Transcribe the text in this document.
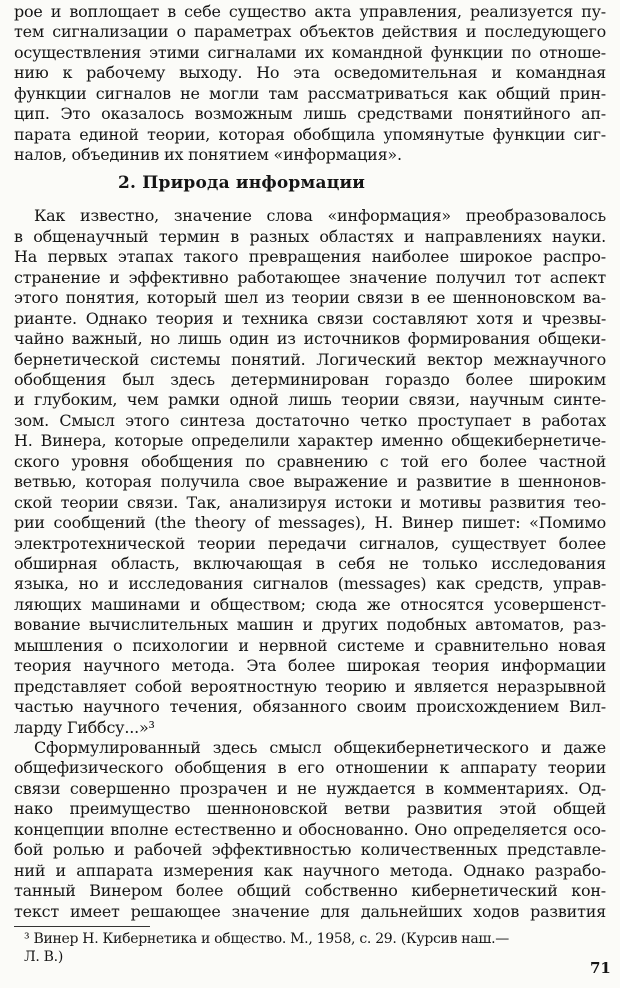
2. Природа информации
³ Винер Н. Кибернетика и общество. М., 1958, с. 29. (Курсив наш.—
Л. В.)
71
рое и воплощает в себе существо акта управления, реализуется пу-
тем сигнализации о параметрах объектов действия и последующего
осуществления этими сигналами их командной функции по отноше-
нию к рабочему выходу. Но эта осведомительная и командная
функции сигналов не могли там рассматриваться как общий прин-
цип. Это оказалось возможным лишь средствами понятийного ап-
парата единой теории, которая обобщила упомянутые функции сиг-
налов, объединив их понятием «информация».
Как известно, значение слова «информация» преобразовалось
в общенаучный термин в разных областях и направлениях науки.
На первых этапах такого превращения наиболее широкое распро-
странение и эффективно работающее значение получил тот аспект
этого понятия, который шел из теории связи в ее шенноновском ва-
рианте. Однако теория и техника связи составляют хотя и чрезвы-
чайно важный, но лишь один из источников формирования общеки-
бернетической системы понятий. Логический вектор межнаучного
обобщения был здесь детерминирован гораздо более широким
и глубоким, чем рамки одной лишь теории связи, научным синте-
зом. Смысл этого синтеза достаточно четко проступает в работах
Н. Винера, которые определили характер именно общекибернетиче-
ского уровня обобщения по сравнению с той его более частной
ветвью, которая получила свое выражение и развитие в шеннонов-
ской теории связи. Так, анализируя истоки и мотивы развития тео-
рии сообщений (the theory of messages), Н. Винер пишет: «Помимо
электротехнической теории передачи сигналов, существует более
обширная область, включающая в себя не только исследования
языка, но и исследования сигналов (messages) как средств, управ-
ляющих машинами и обществом; сюда же относятся усовершенст-
вование вычислительных машин и других подобных автоматов, раз-
мышления о психологии и нервной системе и сравнительно новая
теория научного метода. Эта более широкая теория информации
представляет собой вероятностную теорию и является неразрывной
частью научного течения, обязанного своим происхождением Вил-
ларду Гиббсу...»³
Сформулированный здесь смысл общекибернетического и даже
общефизического обобщения в его отношении к аппарату теории
связи совершенно прозрачен и не нуждается в комментариях. Од-
нако преимущество шенноновской ветви развития этой общей
концепции вполне естественно и обоснованно. Оно определяется осо-
бой ролью и рабочей эффективностью количественных представле-
ний и аппарата измерения как научного метода. Однако разрабо-
танный Винером более общий собственно кибернетический кон-
текст имеет решающее значение для дальнейших ходов развития
